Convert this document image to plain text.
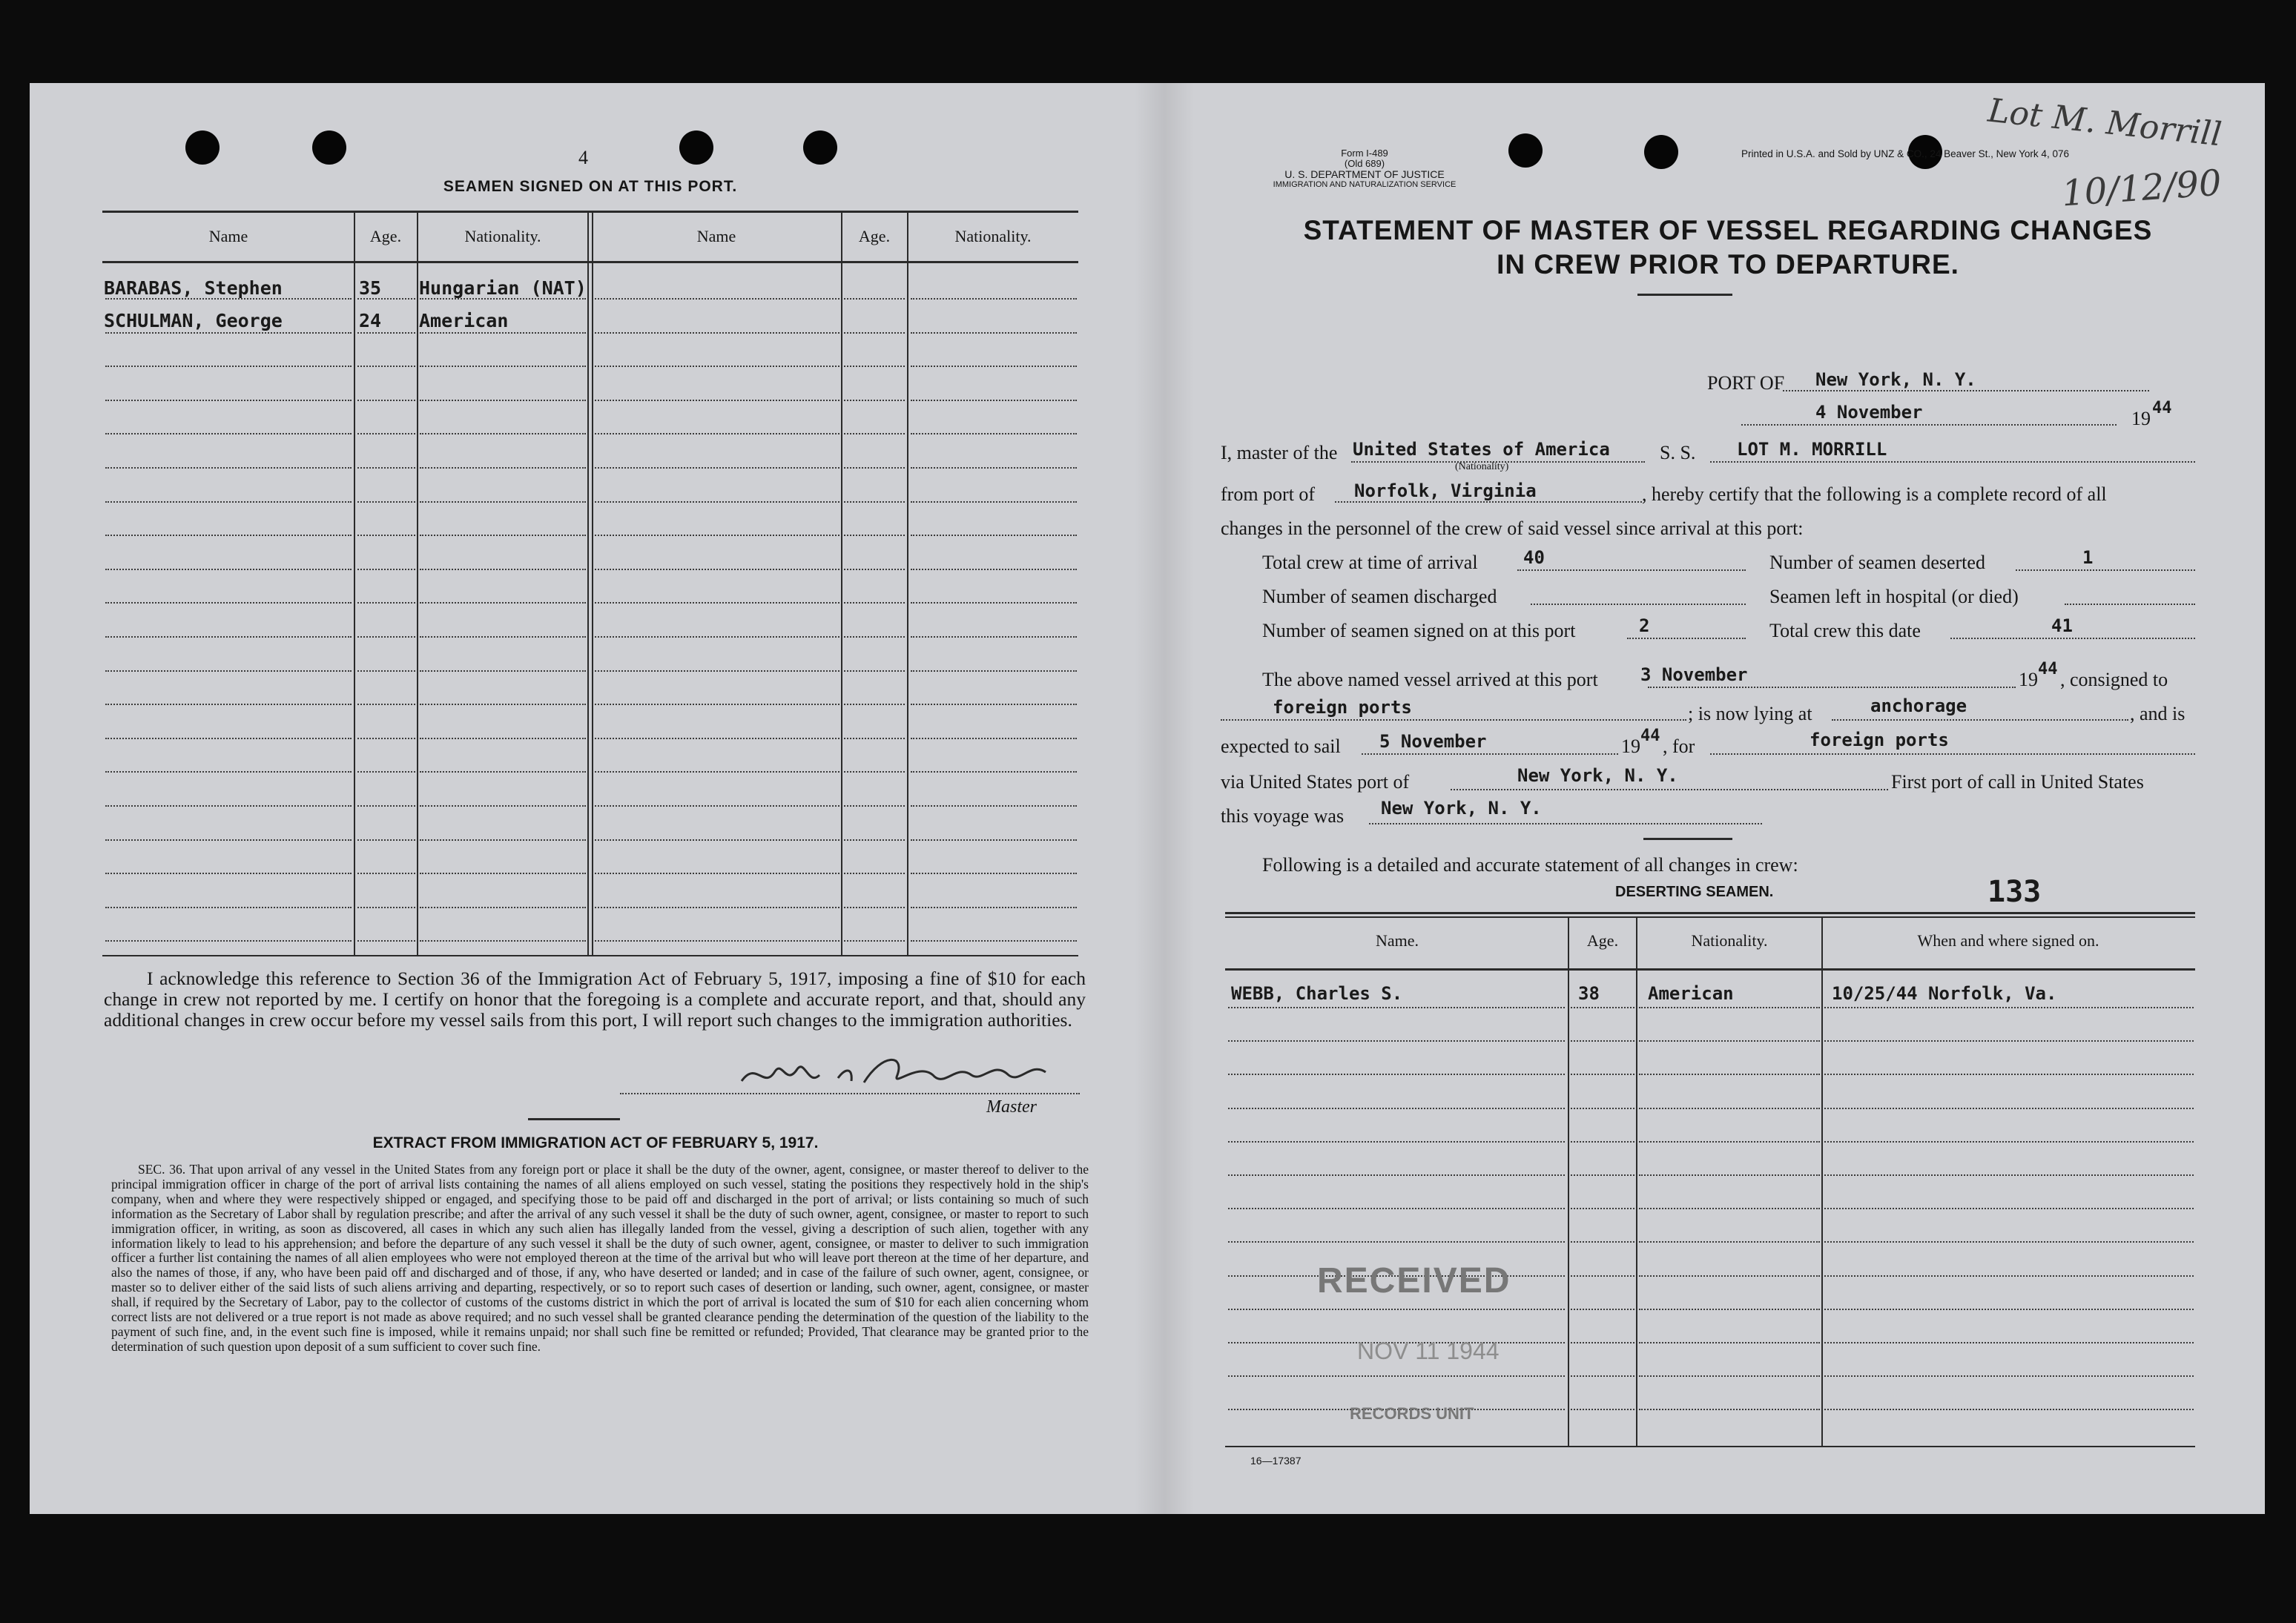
4
SEAMEN SIGNED ON AT THIS PORT.
Name	Age.	Nationality.	Name	Age.	Nationality.
BARABAS, Stephen	35 Hungarian (NAT)
SCHULMAN, George	24 American
I acknowledge this reference to Section 36 of the Immigration Act of February 5, 1917, imposing a fine of $10 for each change in crew not reported by me. I certify on honor that the foregoing is a complete and accurate report, and that, should any additional changes in crew occur before my vessel sails from this port, I will report such changes to the immigration authorities.
Master
EXTRACT FROM IMMIGRATION ACT OF FEBRUARY 5, 1917.
SEC. 36. That upon arrival of any vessel in the United States from any foreign port or place it shall be the duty of the owner, agent, consignee, or master thereof to deliver to the principal immigration officer in charge of the port of arrival lists containing the names of all aliens employed on such vessel, stating the positions they respectively hold in the ship's company, when and where they were respectively shipped or engaged, and specifying those to be paid off and discharged in the port of arrival; or lists containing so much of such information as the Secretary of Labor shall by regulation prescribe; and after the arrival of any such vessel it shall be the duty of such owner, agent, consignee, or master to report to such immigration officer, in writing, as soon as discovered, all cases in which any such alien has illegally landed from the vessel, giving a description of such alien, together with any information likely to lead to his apprehension; and before the departure of any such vessel it shall be the duty of such owner, agent, consignee, or master to deliver to such immigration officer a further list containing the names of all alien employees who were not employed thereon at the time of the arrival but who will leave port thereon at the time of her departure, and also the names of those, if any, who have been paid off and discharged and of those, if any, who have deserted or landed; and in case of the failure of such owner, agent, consignee, or master so to deliver either of the said lists of such aliens arriving and departing, respectively, or so to report such cases of desertion or landing, such owner, agent, consignee, or master shall, if required by the Secretary of Labor, pay to the collector of customs of the customs district in which the port of arrival is located the sum of $10 for each alien concerning whom correct lists are not delivered or a true report is not made as above required; and no such vessel shall be granted clearance pending the determination of the question of the liability to the payment of such fine, and, in the event such fine is imposed, while it remains unpaid; nor shall such fine be remitted or refunded; Provided, That clearance may be granted prior to the determination of such question upon deposit of a sum sufficient to cover such fine.
Form I-489
(Old 689)
U. S. DEPARTMENT OF JUSTICE
IMMIGRATION AND NATURALIZATION SERVICE
Printed in U.S.A. and Sold by UNZ & CO., 24 Beaver St., New York 4, 076
Lot M. Morrill
10/12/90
STATEMENT OF MASTER OF VESSEL REGARDING CHANGES
IN CREW PRIOR TO DEPARTURE.
PORT OF New York, N. Y.
4 November	19 44
I, master of the United States of America
(Nationality)
S. S. LOT M. MORRILL
from port of Norfolk, Virginia	, hereby certify that the following is a complete record of all
changes in the personnel of the crew of said vessel since arrival at this port:
Total crew at time of arrival	40	Number of seamen deserted	1
Number of seamen discharged	Seamen left in hospital (or died)
Number of seamen signed on at this port	2	Total crew this date	41
The above named vessel arrived at this port 3 November	19 44 , consigned to
foreign ports	; is now lying at	anchorage	, and is
expected to sail 5 November	19 44 , for	foreign ports
via United States port of	New York, N. Y.	First port of call in United States
this voyage was New York, N. Y.
Following is a detailed and accurate statement of all changes in crew:
DESERTING SEAMEN.	133
Name.	Age.	Nationality.	When and where signed on.
WEBB, Charles S.	38	American	10/25/44 Norfolk, Va.
RECEIVED
NOV 11 1944
RECORDS UNIT
16—17387
